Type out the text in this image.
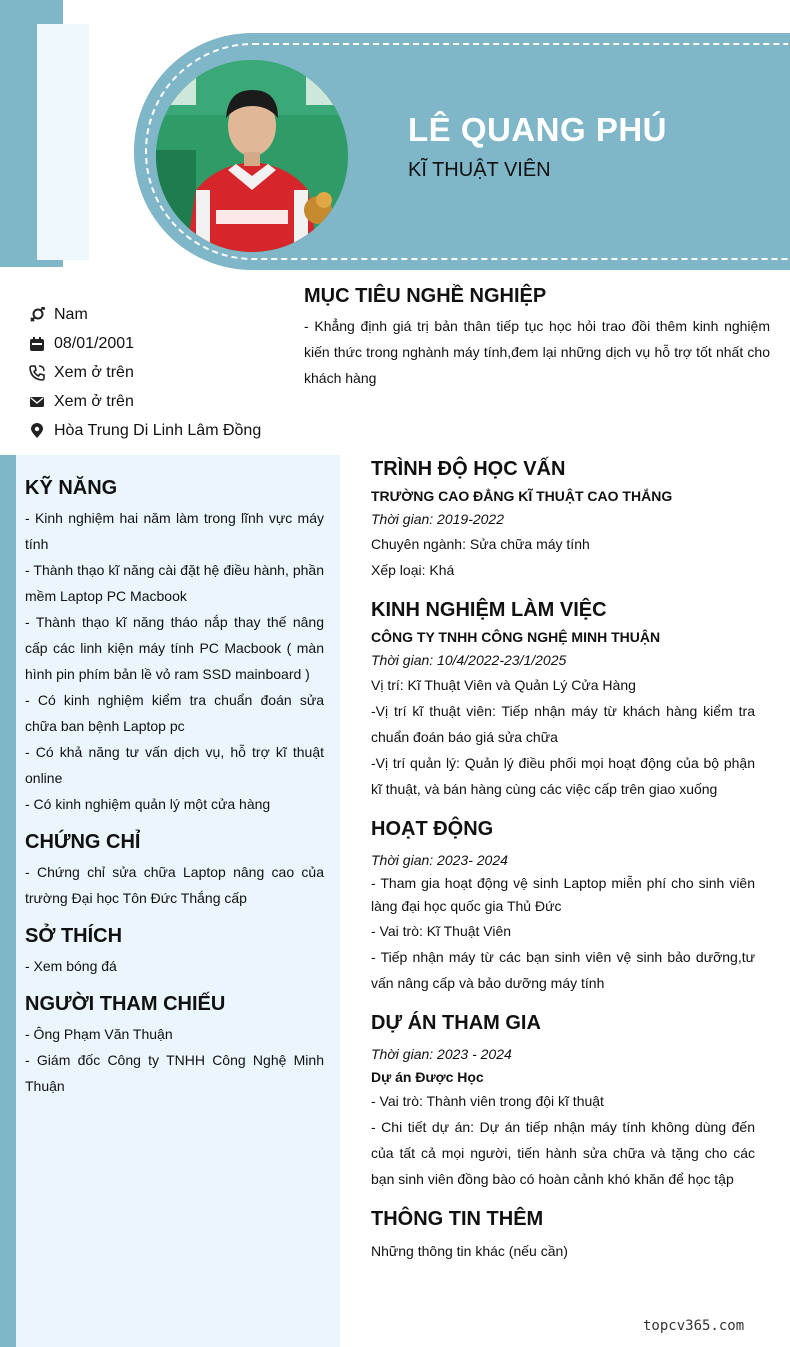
LÊ QUANG PHÚ
KĨ THUẬT VIÊN
Nam
08/01/2001
Xem ở trên
Xem ở trên
Hòa Trung Di Linh Lâm Đồng
MỤC TIÊU NGHỀ NGHIỆP
- Khẳng định giá trị bản thân tiếp tục học hỏi trao đồi thêm kinh nghiệm kiến thức trong nghành máy tính,đem lại những dịch vụ hỗ trợ tốt nhất cho khách hàng
KỸ NĂNG
- Kinh nghiệm hai năm làm trong lĩnh vực máy tính
- Thành thạo kĩ năng cài đặt hệ điều hành, phần mềm Laptop PC Macbook
- Thành thạo kĩ năng tháo nắp thay thế nâng cấp các linh kiện máy tính PC Macbook ( màn hình pin phím bản lề vỏ ram SSD mainboard )
- Có kinh nghiệm kiểm tra chuẩn đoán sửa chữa ban bệnh Laptop pc
- Có khả năng tư vấn dịch vụ, hỗ trợ kĩ thuật online
- Có kinh nghiệm quản lý một cửa hàng
CHỨNG CHỈ
- Chứng chỉ sửa chữa Laptop nâng cao của trường Đại học Tôn Đức Thắng cấp
SỞ THÍCH
- Xem bóng đá
NGƯỜI THAM CHIẾU
- Ông Phạm Văn Thuận
- Giám đốc Công ty TNHH Công Nghệ Minh Thuận
TRÌNH ĐỘ HỌC VẤN
TRƯỜNG CAO ĐẲNG KĨ THUẬT CAO THẮNG
Thời gian: 2019-2022
Chuyên ngành: Sửa chữa máy tính
Xếp loại: Khá
KINH NGHIỆM LÀM VIỆC
CÔNG TY TNHH CÔNG NGHỆ MINH THUẬN
Thời gian: 10/4/2022-23/1/2025
Vị trí: Kĩ Thuật Viên và Quản Lý Cửa Hàng
-Vị trí kĩ thuật viên: Tiếp nhận máy từ khách hàng kiểm tra chuẩn đoán báo giá sửa chữa
-Vị trí quản lý: Quản lý điều phối mọi hoạt động của bộ phận kĩ thuật, và bán hàng cùng các việc cấp trên giao xuống
HOẠT ĐỘNG
Thời gian: 2023- 2024
- Tham gia hoạt động vệ sinh Laptop miễn phí cho sinh viên làng đại học quốc gia Thủ Đức
- Vai trò: Kĩ Thuật Viên
- Tiếp nhận máy từ các bạn sinh viên vệ sinh bảo dưỡng,tư vấn nâng cấp và bảo dưỡng máy tính
DỰ ÁN THAM GIA
Thời gian: 2023 - 2024
Dự án Được Học
- Vai trò: Thành viên trong đội kĩ thuật
- Chi tiết dự án: Dự án tiếp nhận máy tính không dùng đến của tất cả mọi người, tiến hành sửa chữa và tặng cho các bạn sinh viên đồng bào có hoàn cảnh khó khăn để học tập
THÔNG TIN THÊM
Những thông tin khác (nếu cần)
topcv365.com
